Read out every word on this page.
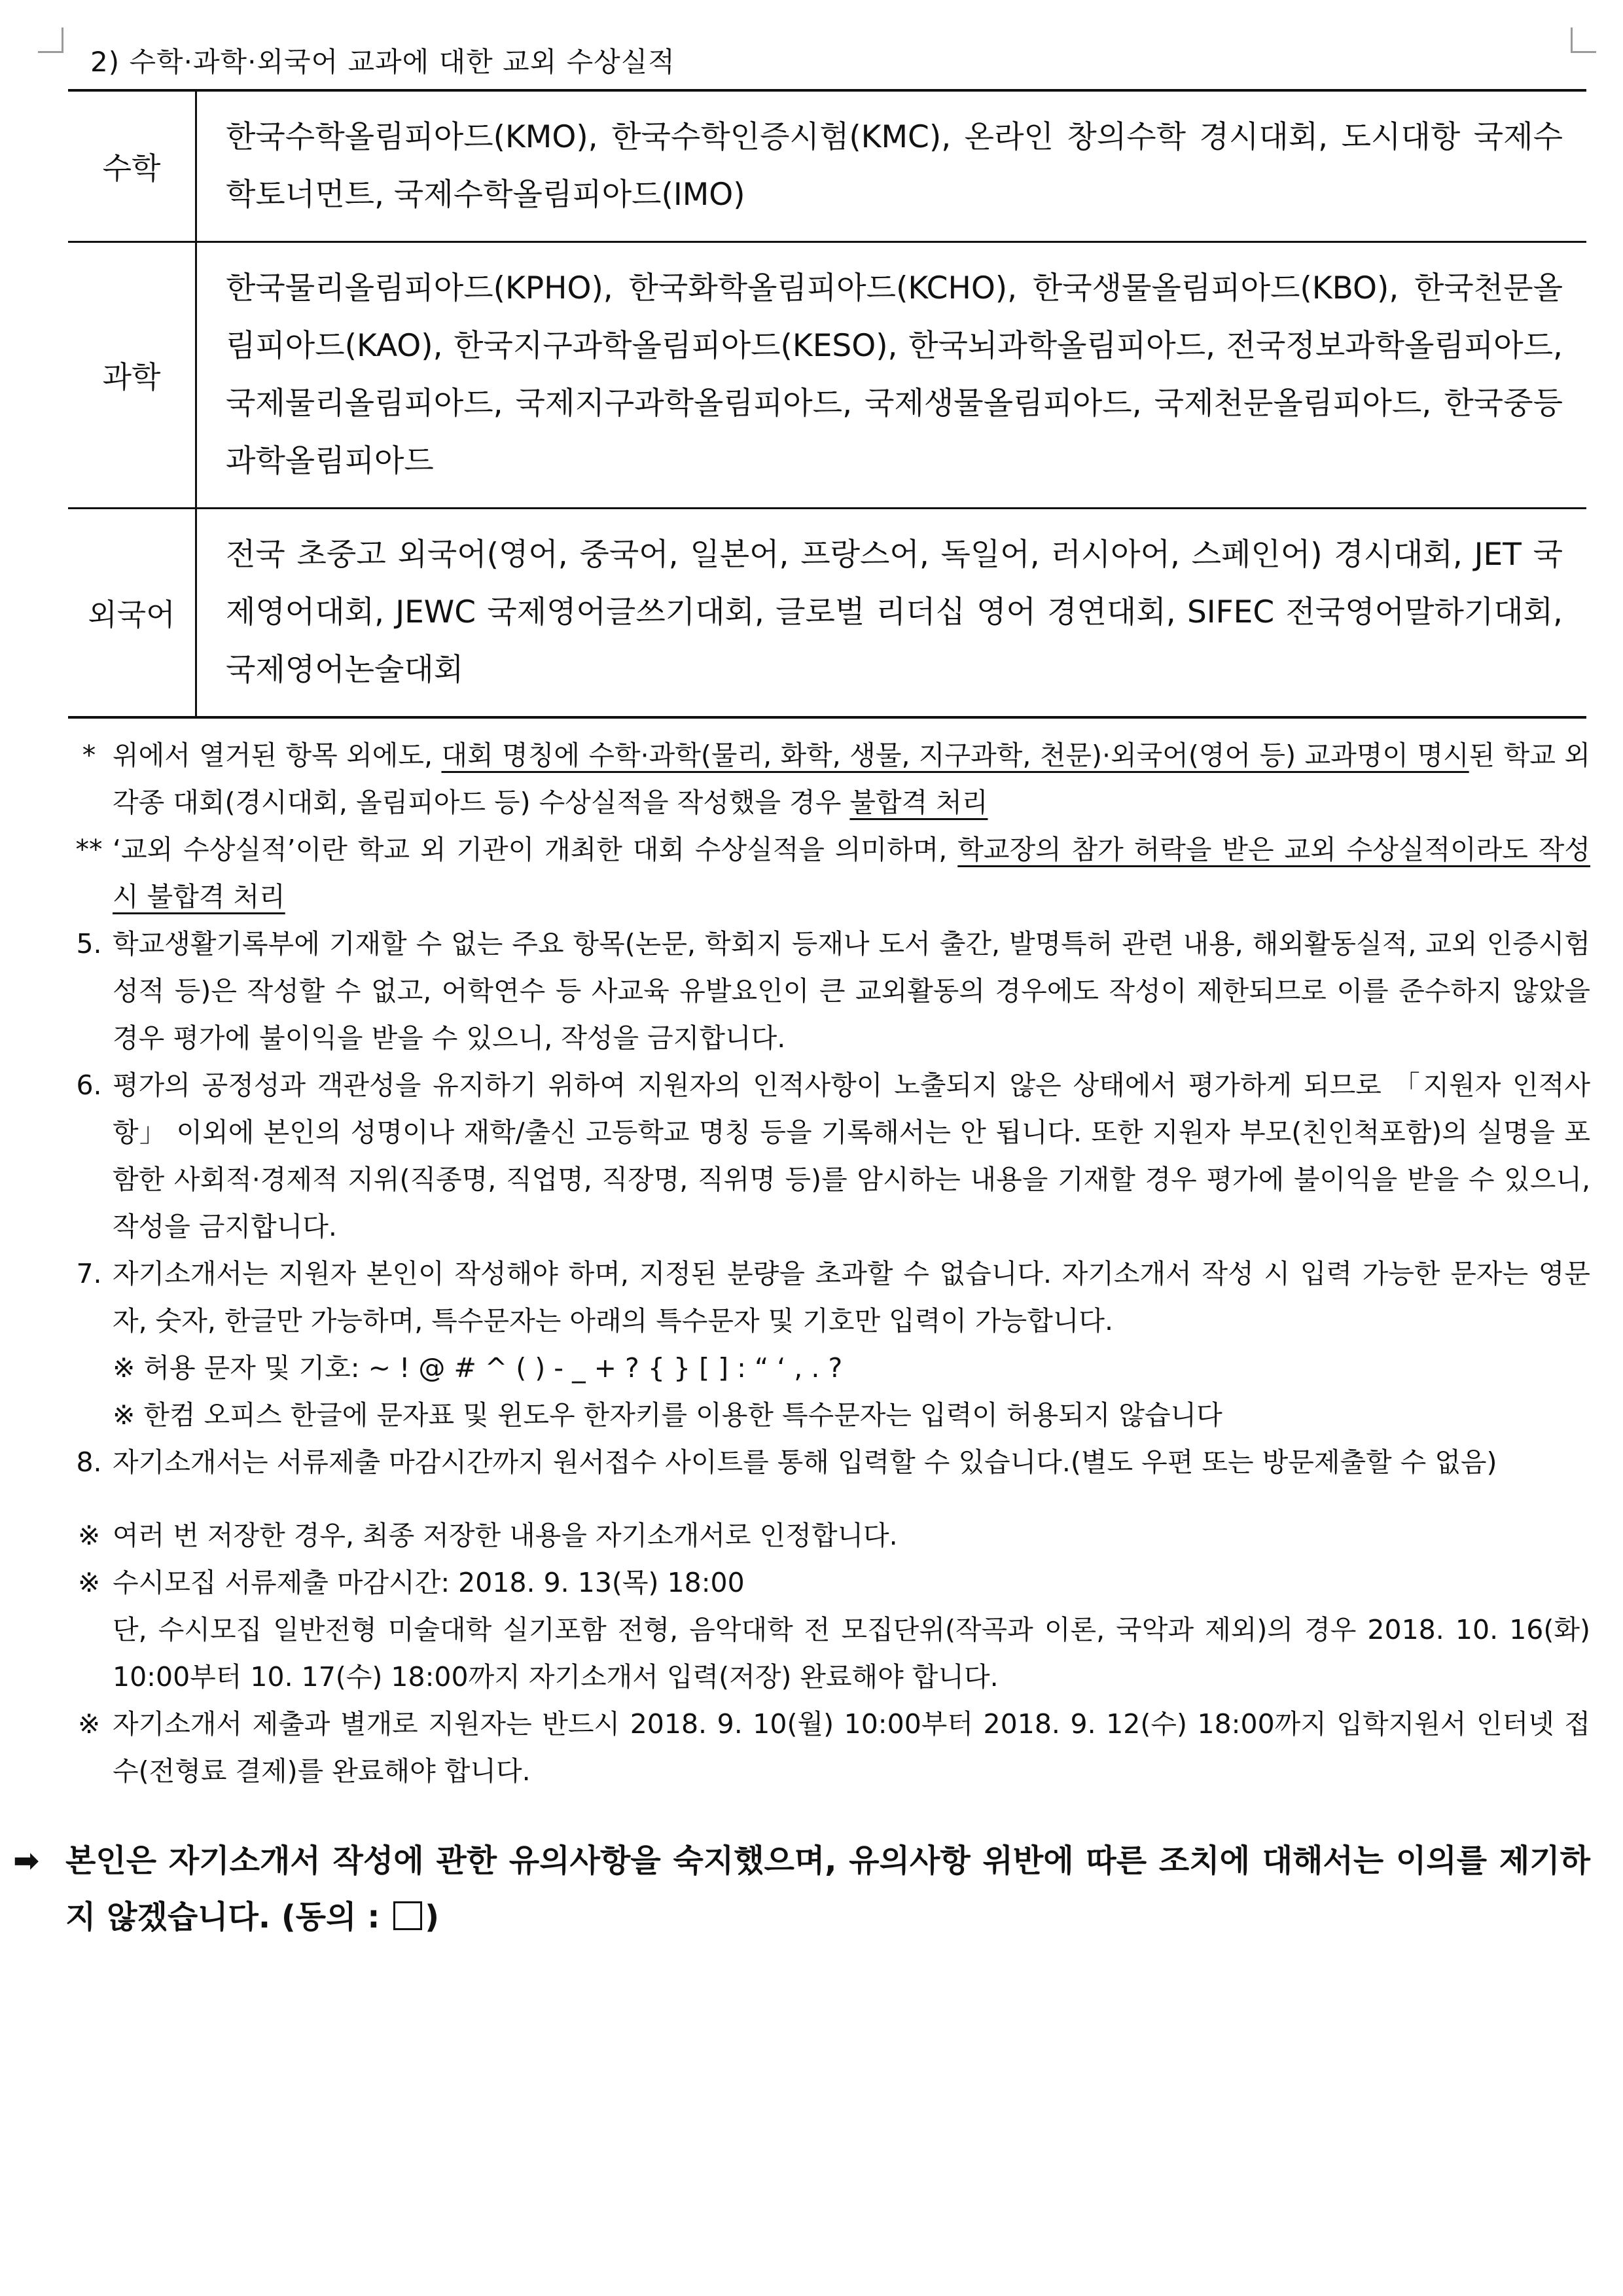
2) 수학·과학·외국어 교과에 대한 교외 수상실적
수학	한국수학올림피아드(KMO), 한국수학인증시험(KMC), 온라인 창의수학 경시대회, 도시대항 국제수학토너먼트, 국제수학올림피아드(IMO)
과학	한국물리올림피아드(KPHO), 한국화학올림피아드(KCHO), 한국생물올림피아드(KBO), 한국천문올림피아드(KAO), 한국지구과학올림피아드(KESO), 한국뇌과학올림피아드, 전국정보과학올림피아드, 국제물리올림피아드, 국제지구과학올림피아드, 국제생물올림피아드, 국제천문올림피아드, 한국중등과학올림피아드
외국어	전국 초중고 외국어(영어, 중국어, 일본어, 프랑스어, 독일어, 러시아어, 스페인어) 경시대회, JET 국제영어대회, JEWC 국제영어글쓰기대회, 글로벌 리더십 영어 경연대회, SIFEC 전국영어말하기대회, 국제영어논술대회
* 위에서 열거된 항목 외에도, 대회 명칭에 수학·과학(물리, 화학, 생물, 지구과학, 천문)·외국어(영어 등) 교과명이 명시된 학교 외 각종 대회(경시대회, 올림피아드 등) 수상실적을 작성했을 경우 불합격 처리
** ‘교외 수상실적’이란 학교 외 기관이 개최한 대회 수상실적을 의미하며, 학교장의 참가 허락을 받은 교외 수상실적이라도 작성 시 불합격 처리
5. 학교생활기록부에 기재할 수 없는 주요 항목(논문, 학회지 등재나 도서 출간, 발명특허 관련 내용, 해외활동실적, 교외 인증시험 성적 등)은 작성할 수 없고, 어학연수 등 사교육 유발요인이 큰 교외활동의 경우에도 작성이 제한되므로 이를 준수하지 않았을 경우 평가에 불이익을 받을 수 있으니, 작성을 금지합니다.
6. 평가의 공정성과 객관성을 유지하기 위하여 지원자의 인적사항이 노출되지 않은 상태에서 평가하게 되므로 「지원자 인적사항」 이외에 본인의 성명이나 재학/출신 고등학교 명칭 등을 기록해서는 안 됩니다. 또한 지원자 부모(친인척포함)의 실명을 포함한 사회적·경제적 지위(직종명, 직업명, 직장명, 직위명 등)를 암시하는 내용을 기재할 경우 평가에 불이익을 받을 수 있으니, 작성을 금지합니다.
7. 자기소개서는 지원자 본인이 작성해야 하며, 지정된 분량을 초과할 수 없습니다. 자기소개서 작성 시 입력 가능한 문자는 영문자, 숫자, 한글만 가능하며, 특수문자는 아래의 특수문자 및 기호만 입력이 가능합니다.
※ 허용 문자 및 기호: ~ ! @ # ^ ( ) - _ + ? { } [ ] : “ ‘ , . ?
※ 한컴 오피스 한글에 문자표 및 윈도우 한자키를 이용한 특수문자는 입력이 허용되지 않습니다
8. 자기소개서는 서류제출 마감시간까지 원서접수 사이트를 통해 입력할 수 있습니다.(별도 우편 또는 방문제출할 수 없음)
※ 여러 번 저장한 경우, 최종 저장한 내용을 자기소개서로 인정합니다.
※ 수시모집 서류제출 마감시간: 2018. 9. 13(목) 18:00
단, 수시모집 일반전형 미술대학 실기포함 전형, 음악대학 전 모집단위(작곡과 이론, 국악과 제외)의 경우 2018. 10. 16(화) 10:00부터 10. 17(수) 18:00까지 자기소개서 입력(저장) 완료해야 합니다.
※ 자기소개서 제출과 별개로 지원자는 반드시 2018. 9. 10(월) 10:00부터 2018. 9. 12(수) 18:00까지 입학지원서 인터넷 접수(전형료 결제)를 완료해야 합니다.
➡ 본인은 자기소개서 작성에 관한 유의사항을 숙지했으며, 유의사항 위반에 따른 조치에 대해서는 이의를 제기하지 않겠습니다. (동의 : )
